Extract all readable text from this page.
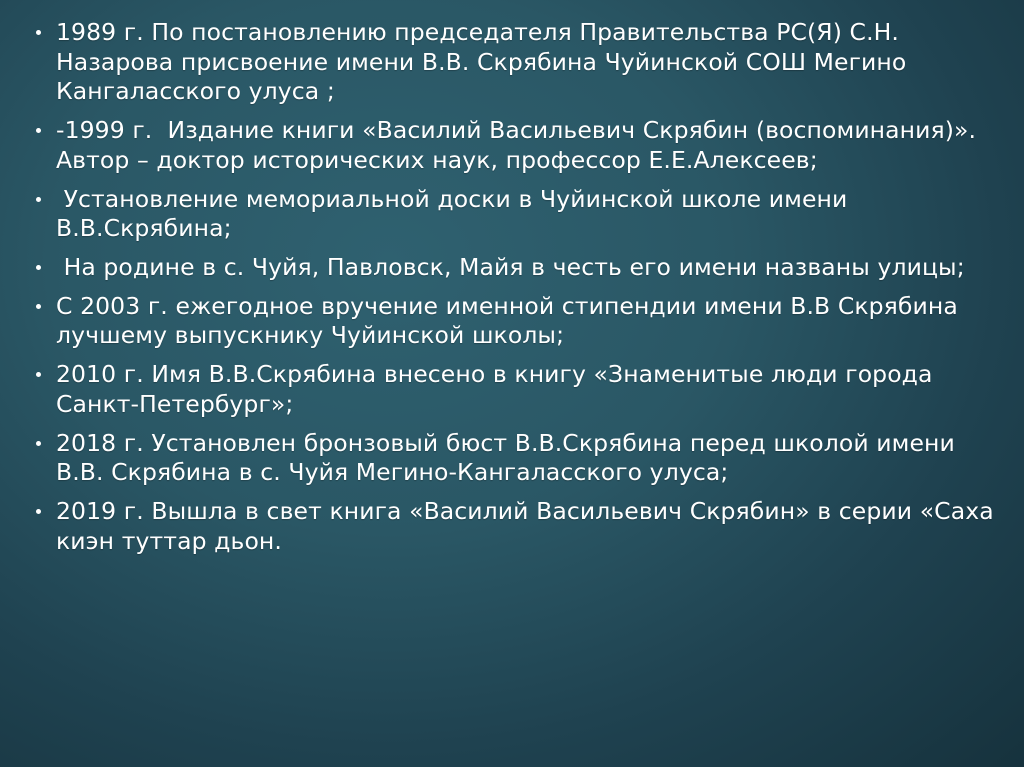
1989 г. По постановлению председателя Правительства РС(Я) С.Н. Назарова присвоение имени В.В. Скрябина Чуйинской СОШ Мегино Кангаласского улуса ;
-1999 г.  Издание книги «Василий Васильевич Скрябин (воспоминания)». Автор – доктор исторических наук, профессор Е.Е.Алексеев;
Установление мемориальной доски в Чуйинской школе имени В.В.Скрябина;
На родине в с. Чуйя, Павловск, Майя в честь его имени названы улицы;
С 2003 г. ежегодное вручение именной стипендии имени В.В Скрябина лучшему выпускнику Чуйинской школы;
2010 г. Имя В.В.Скрябина внесено в книгу «Знаменитые люди города Санкт-Петербург»;
2018 г. Установлен бронзовый бюст В.В.Скрябина перед школой имени В.В. Скрябина в с. Чуйя Мегино-Кангаласского улуса;
2019 г. Вышла в свет книга «Василий Васильевич Скрябин» в серии «Саха киэн туттар дьон.
